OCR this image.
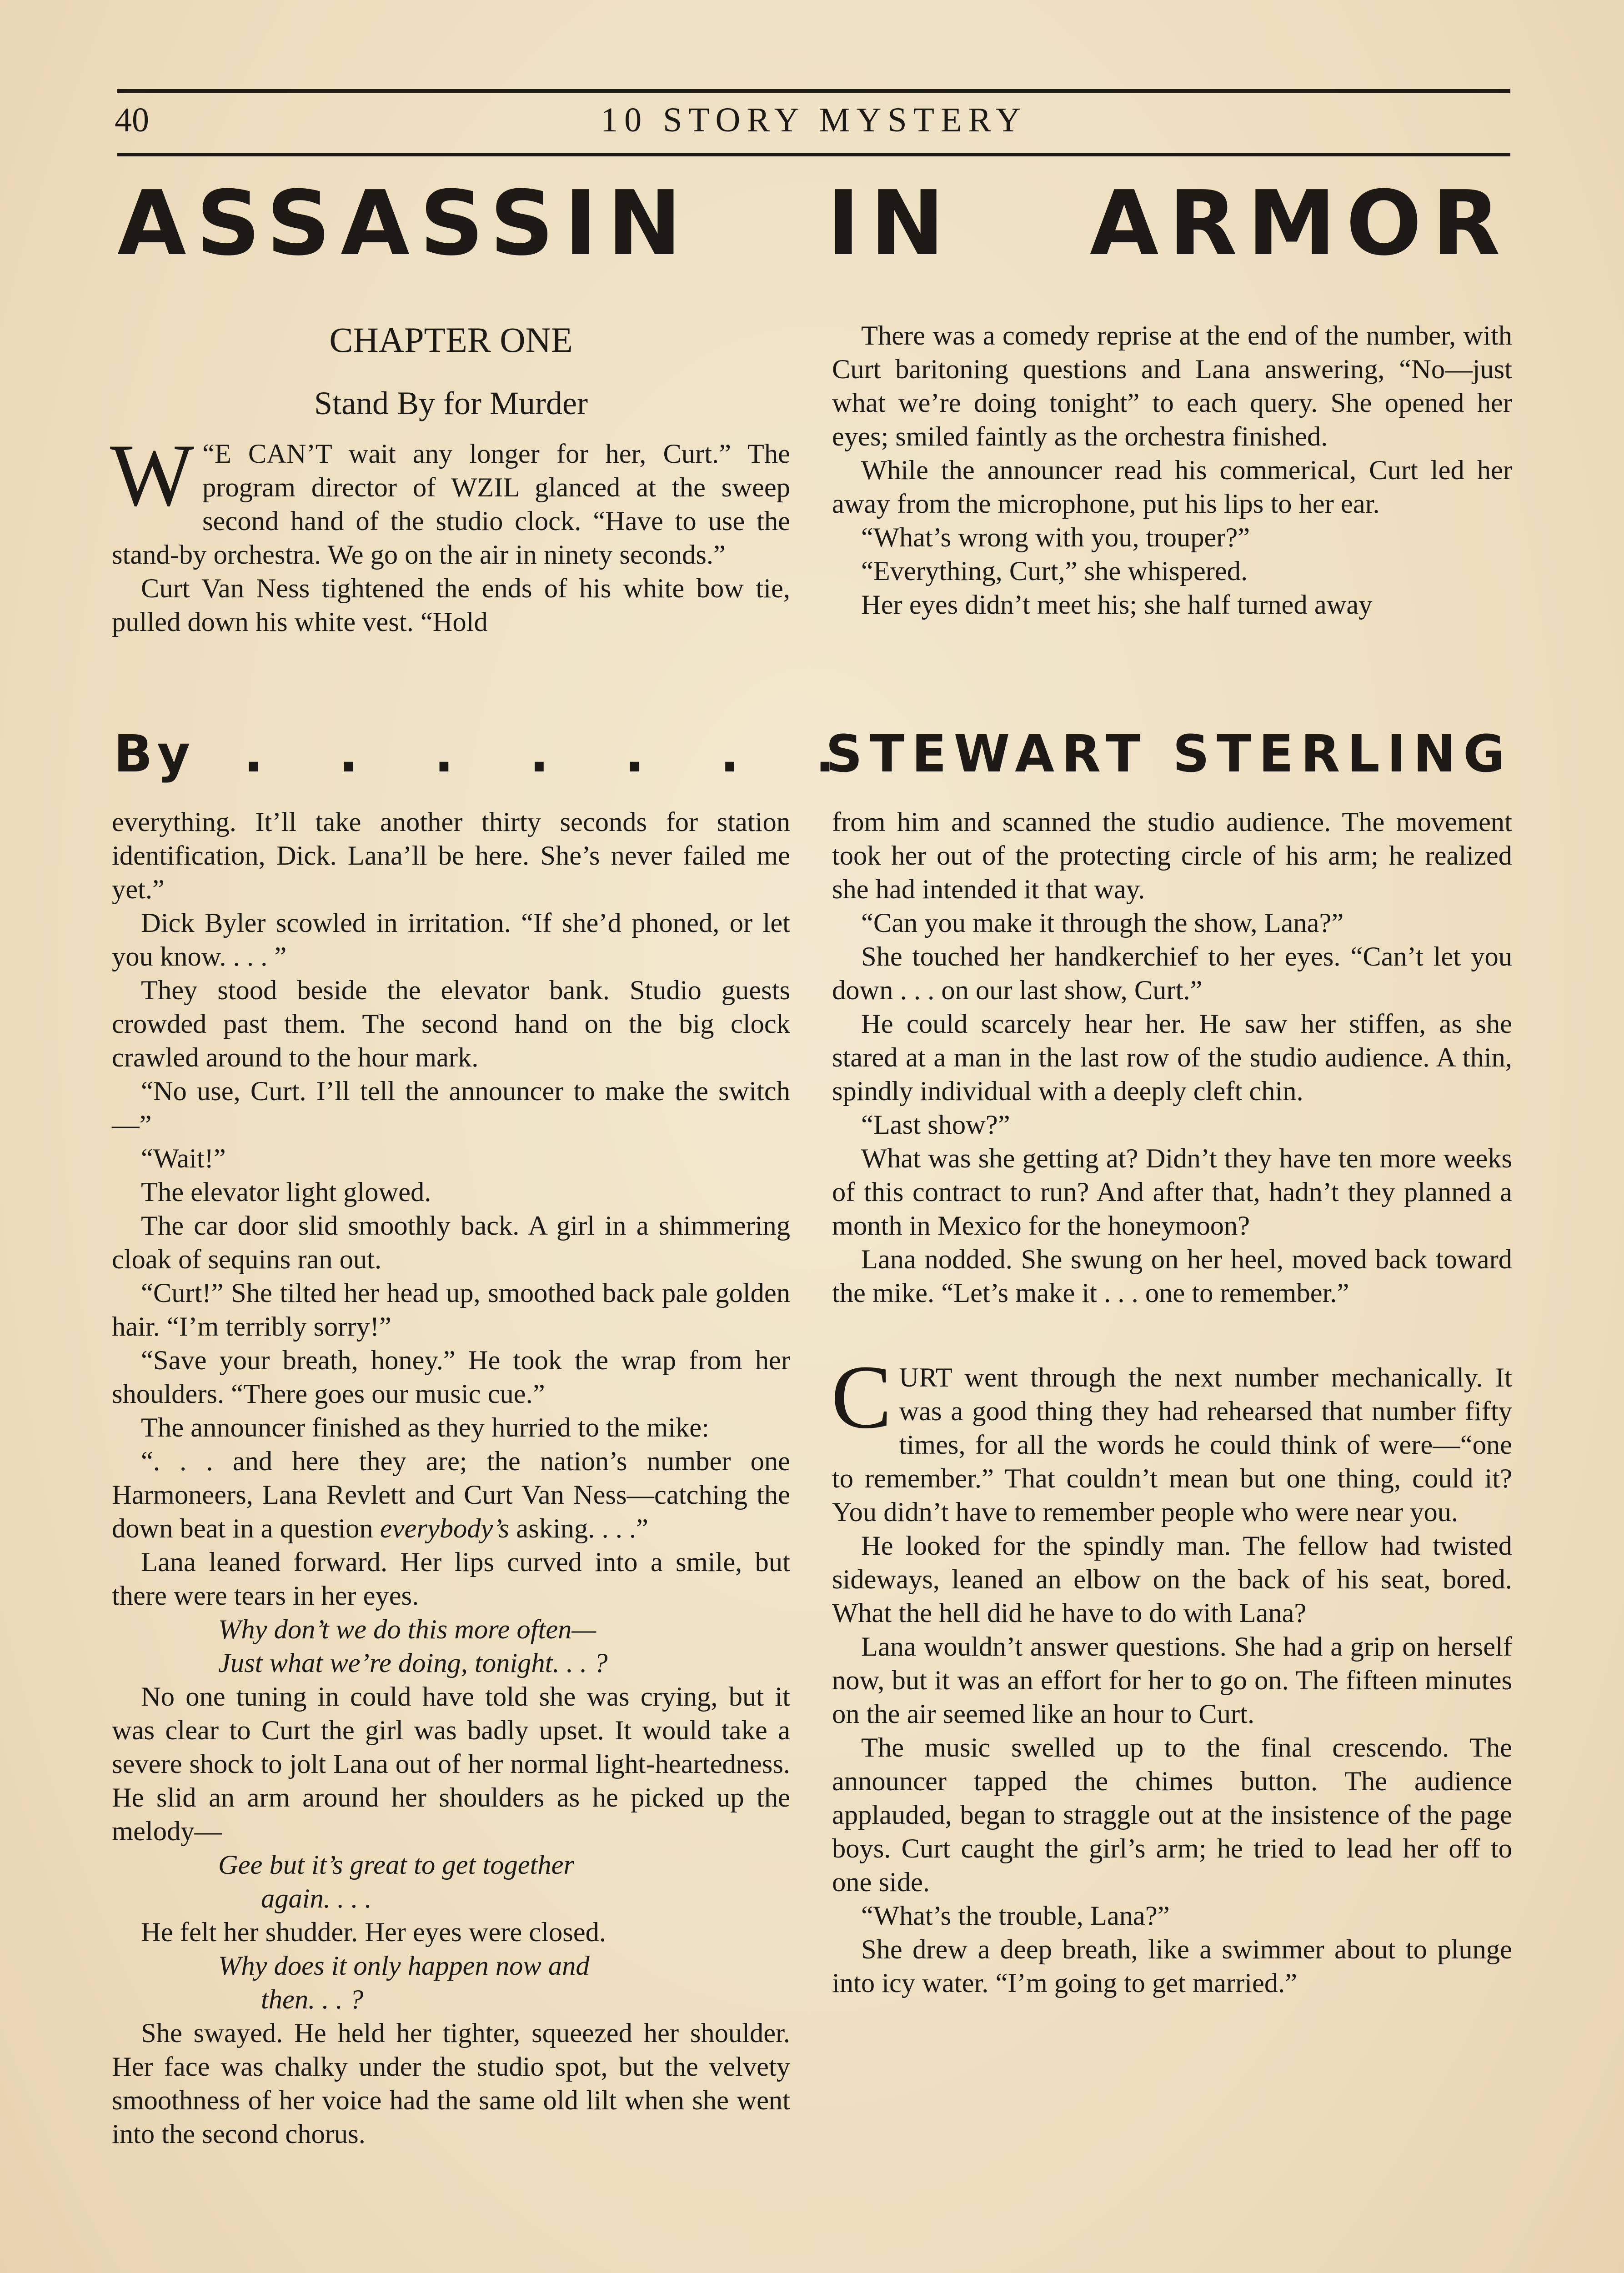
40	10 STORY MYSTERY
ASSASSIN IN ARMOR

CHAPTER ONE

Stand By for Murder

“
W E CAN’T wait any longer for her, Curt.” The program director of WZIL glanced at the sweep second hand of the studio clock. “Have to use the stand-by orchestra. We go on the air in ninety seconds.”

Curt Van Ness tightened the ends of his white bow tie, pulled down his white vest. “Hold

There was a comedy reprise at the end of the number, with Curt baritoning questions and Lana answering, “No—just what we’re doing tonight” to each query. She opened her eyes; smiled faintly as the orchestra finished.

While the announcer read his commerical, Curt led her away from the microphone, put his lips to her ear.

“What’s wrong with you, trouper?”

“Everything, Curt,” she whispered.

Her eyes didn’t meet his; she half turned away

By . . . . . . .
STEWART STERLING

everything. It’ll take another thirty seconds for station identification, Dick. Lana’ll be here. She’s never failed me yet.”

Dick Byler scowled in irritation. “If she’d phoned, or let you know. . . . ”

They stood beside the elevator bank. Studio guests crowded past them. The second hand on the big clock crawled around to the hour mark.

“No use, Curt. I’ll tell the announcer to make the switch—”

“Wait!”

The elevator light glowed.

The car door slid smoothly back. A girl in a shimmering cloak of sequins ran out.

“Curt!” She tilted her head up, smoothed back pale golden hair. “I’m terribly sorry!”

“Save your breath, honey.” He took the wrap from her shoulders. “There goes our music cue.”

The announcer finished as they hurried to the mike:

“. . . and here they are; the nation’s number one Harmoneers, Lana Revlett and Curt Van Ness—catching the down beat in a question everybody’s asking. . . .”

Lana leaned forward. Her lips curved into a smile, but there were tears in her eyes.

Why don’t we do this more often—

Just what we’re doing, tonight. . . ?

No one tuning in could have told she was crying, but it was clear to Curt the girl was badly upset. It would take a severe shock to jolt Lana out of her normal light-heartedness. He slid an arm around her shoulders as he picked up the melody—

Gee but it’s great to get together

again. . . .

He felt her shudder. Her eyes were closed.

Why does it only happen now and

then. . . ?

She swayed. He held her tighter, squeezed her shoulder. Her face was chalky under the studio spot, but the velvety smoothness of her voice had the same old lilt when she went into the second chorus.

from him and scanned the studio audience. The movement took her out of the protecting circle of his arm; he realized she had intended it that way.

“Can you make it through the show, Lana?”

She touched her handkerchief to her eyes. “Can’t let you down . . . on our last show, Curt.”

He could scarcely hear her. He saw her stiffen, as she stared at a man in the last row of the studio audience. A thin, spindly individual with a deeply cleft chin.

“Last show?”

What was she getting at? Didn’t they have ten more weeks of this contract to run? And after that, hadn’t they planned a month in Mexico for the honeymoon?

Lana nodded. She swung on her heel, moved back toward the mike. “Let’s make it . . . one to remember.”

CURT went through the next number mechanically. It was a good thing they had rehearsed that number fifty times, for all the words he could think of were—“one to remember.” That couldn’t mean but one thing, could it? You didn’t have to remember people who were near you.

He looked for the spindly man. The fellow had twisted sideways, leaned an elbow on the back of his seat, bored. What the hell did he have to do with Lana?

Lana wouldn’t answer questions. She had a grip on herself now, but it was an effort for her to go on. The fifteen minutes on the air seemed like an hour to Curt.

The music swelled up to the final crescendo. The announcer tapped the chimes button. The audience applauded, began to straggle out at the insistence of the page boys. Curt caught the girl’s arm; he tried to lead her off to one side.

“What’s the trouble, Lana?”

She drew a deep breath, like a swimmer about to plunge into icy water. “I’m going to get married.”
